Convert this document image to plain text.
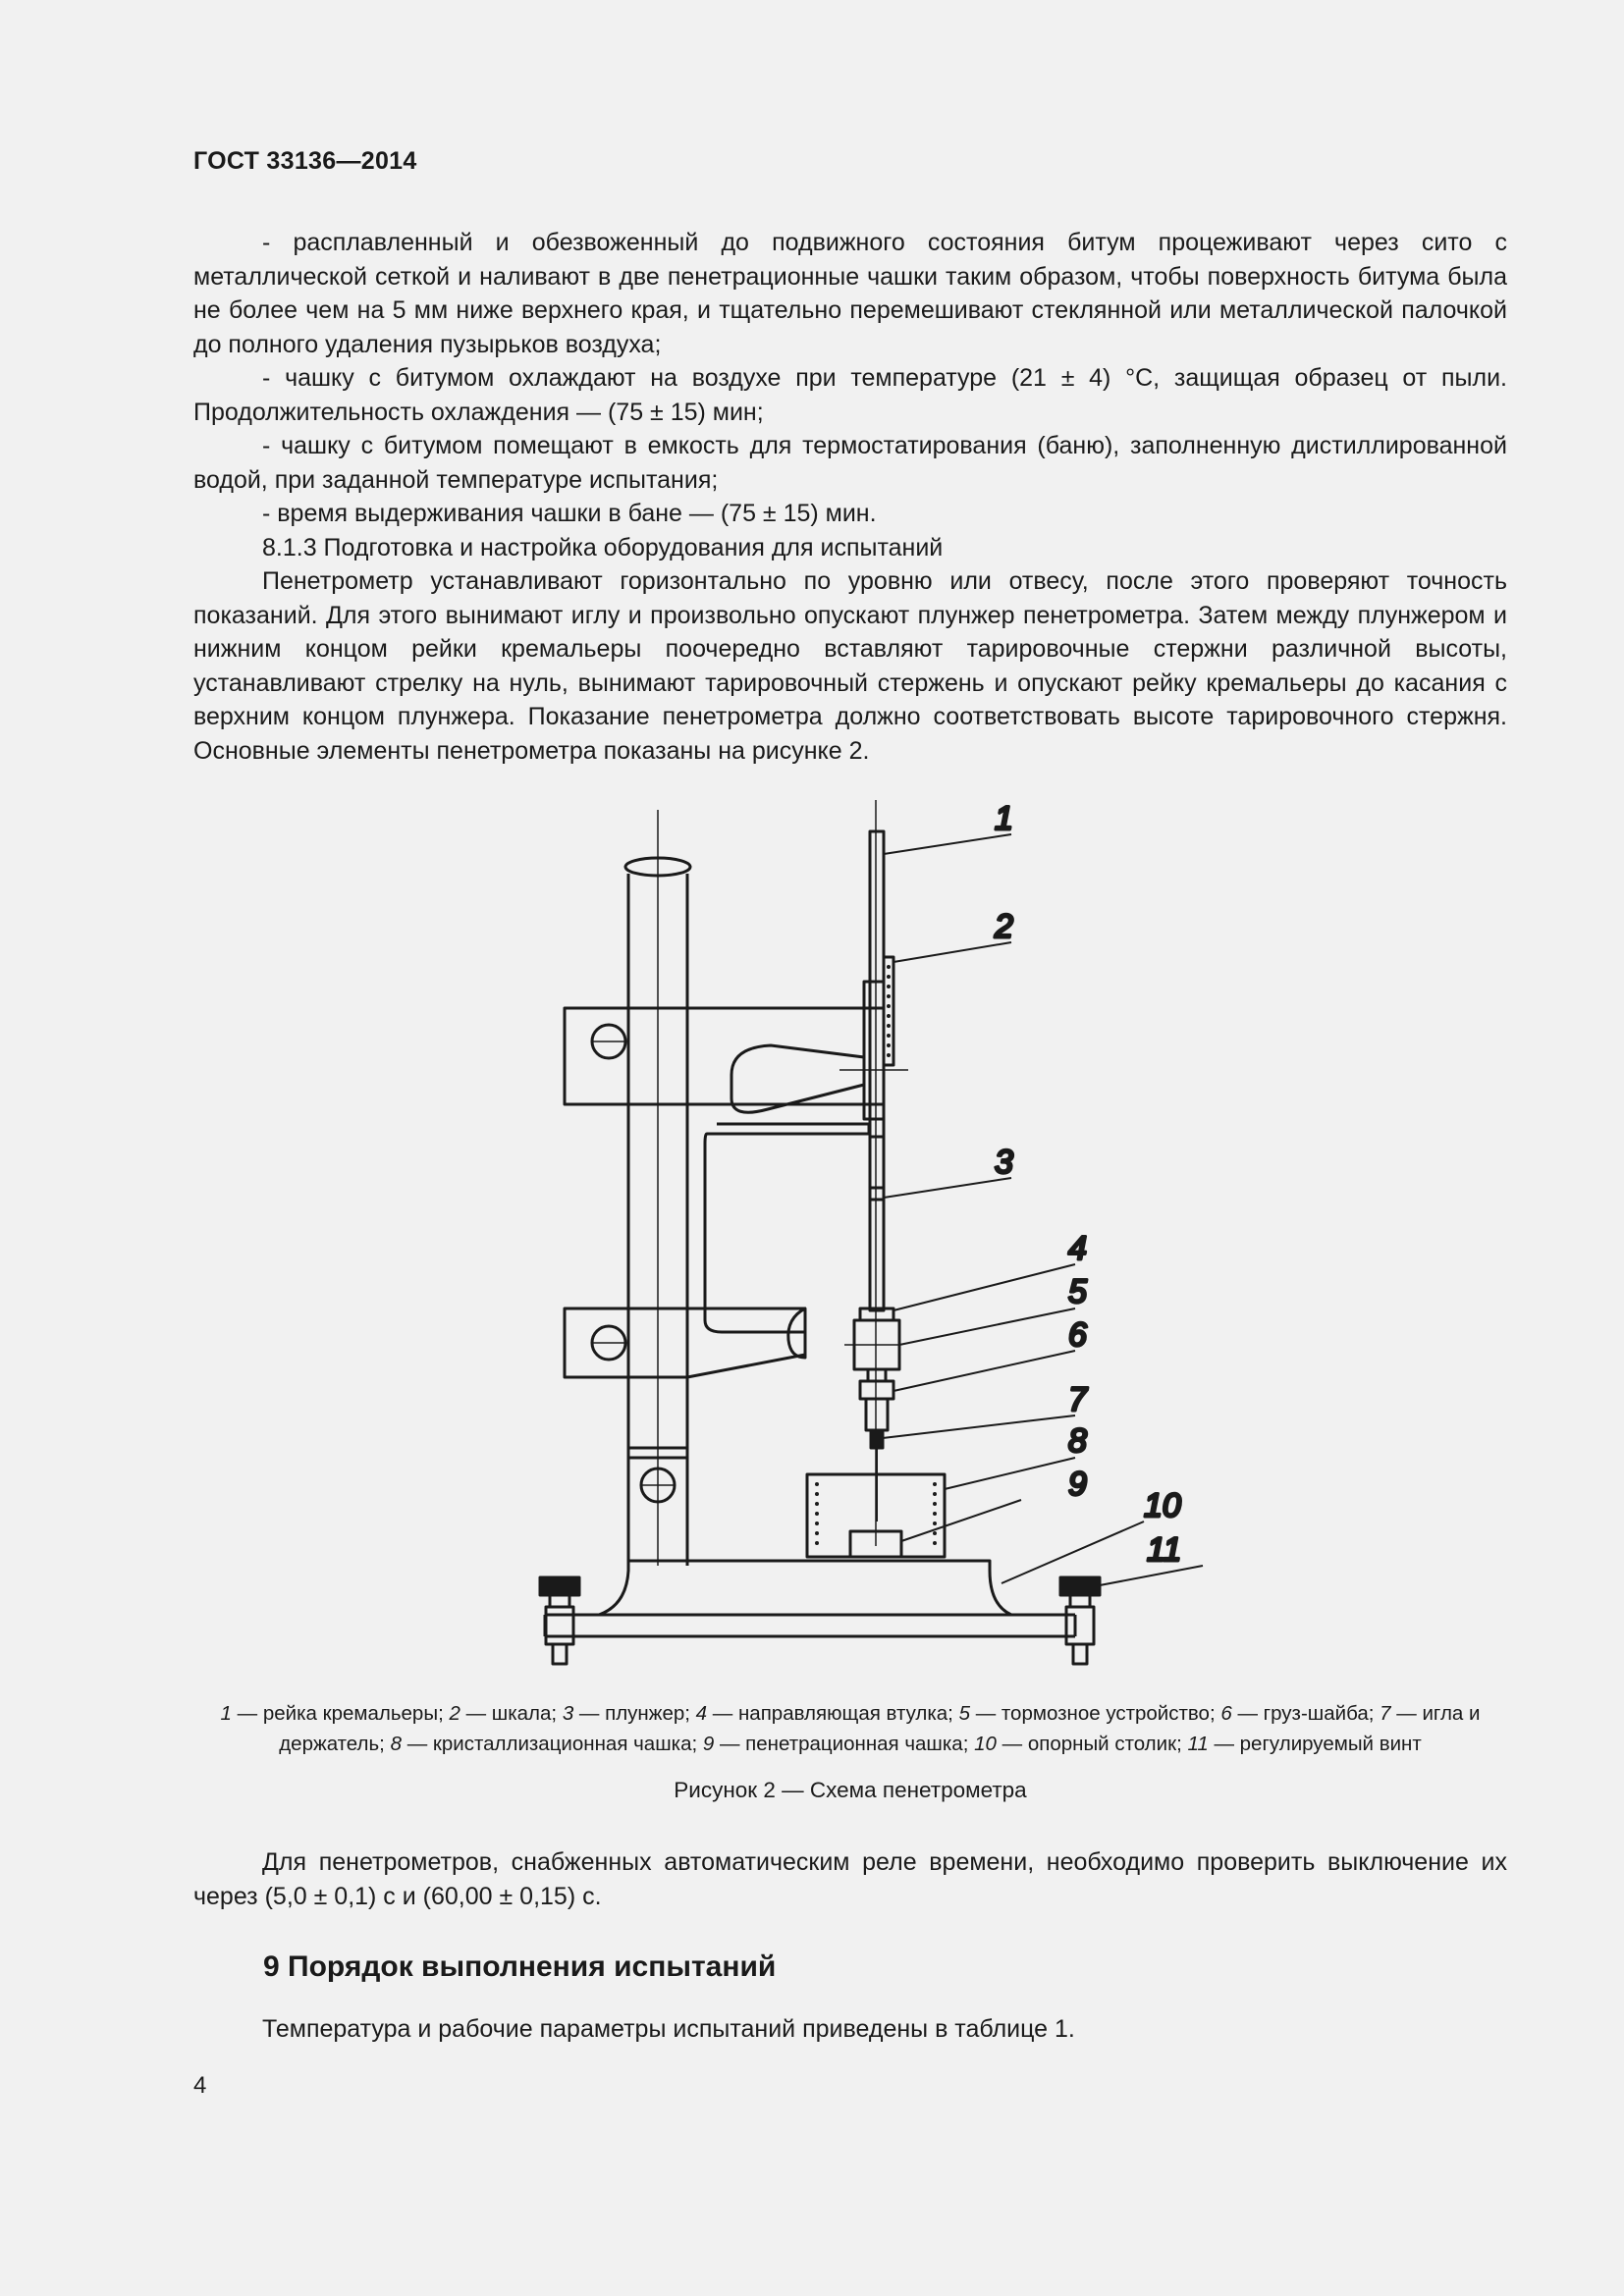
ГОСТ 33136—2014

- расплавленный и обезвоженный до подвижного состояния битум процеживают через сито с металлической сеткой и наливают в две пенетрационные чашки таким образом, чтобы поверхность битума была не более чем на 5 мм ниже верхнего края, и тщательно перемешивают стеклянной или металлической палочкой до полного удаления пузырьков воздуха;

- чашку с битумом охлаждают на воздухе при температуре (21 ± 4) °С, защищая образец от пыли.

Продолжительность охлаждения — (75 ± 15) мин;

- чашку с битумом помещают в емкость для термостатирования (баню), заполненную дистиллированной водой, при заданной температуре испытания;

- время выдерживания чашки в бане — (75 ± 15) мин.

8.1.3 Подготовка и настройка оборудования для испытаний

Пенетрометр устанавливают горизонтально по уровню или отвесу, после этого проверяют точность показаний. Для этого вынимают иглу и произвольно опускают плунжер пенетрометра. Затем между плунжером и нижним концом рейки кремальеры поочередно вставляют тарировочные стержни различной высоты, устанавливают стрелку на нуль, вынимают тарировочный стержень и опускают рейку кремальеры до касания с верхним концом плунжера. Показание пенетрометра должно соответствовать высоте тарировочного стержня. Основные элементы пенетрометра показаны на рисунке 2.

1
2
3
4
5
6
7
8
9
10
11
1 — рейка кремальеры; 2 — шкала; 3 — плунжер; 4 — направляющая втулка; 5 — тормозное устройство; 6 — груз-шайба; 7 — игла и держатель; 8 — кристаллизационная чашка; 9 — пенетрационная чашка; 10 — опорный столик; 11 — регулируемый винт
Рисунок 2 — Схема пенетрометра

Для пенетрометров, снабженных автоматическим реле времени, необходимо проверить выключение их через (5,0 ± 0,1) с и (60,00 ± 0,15) с.

9 Порядок выполнения испытаний

Температура и рабочие параметры испытаний приведены в таблице 1.

4
